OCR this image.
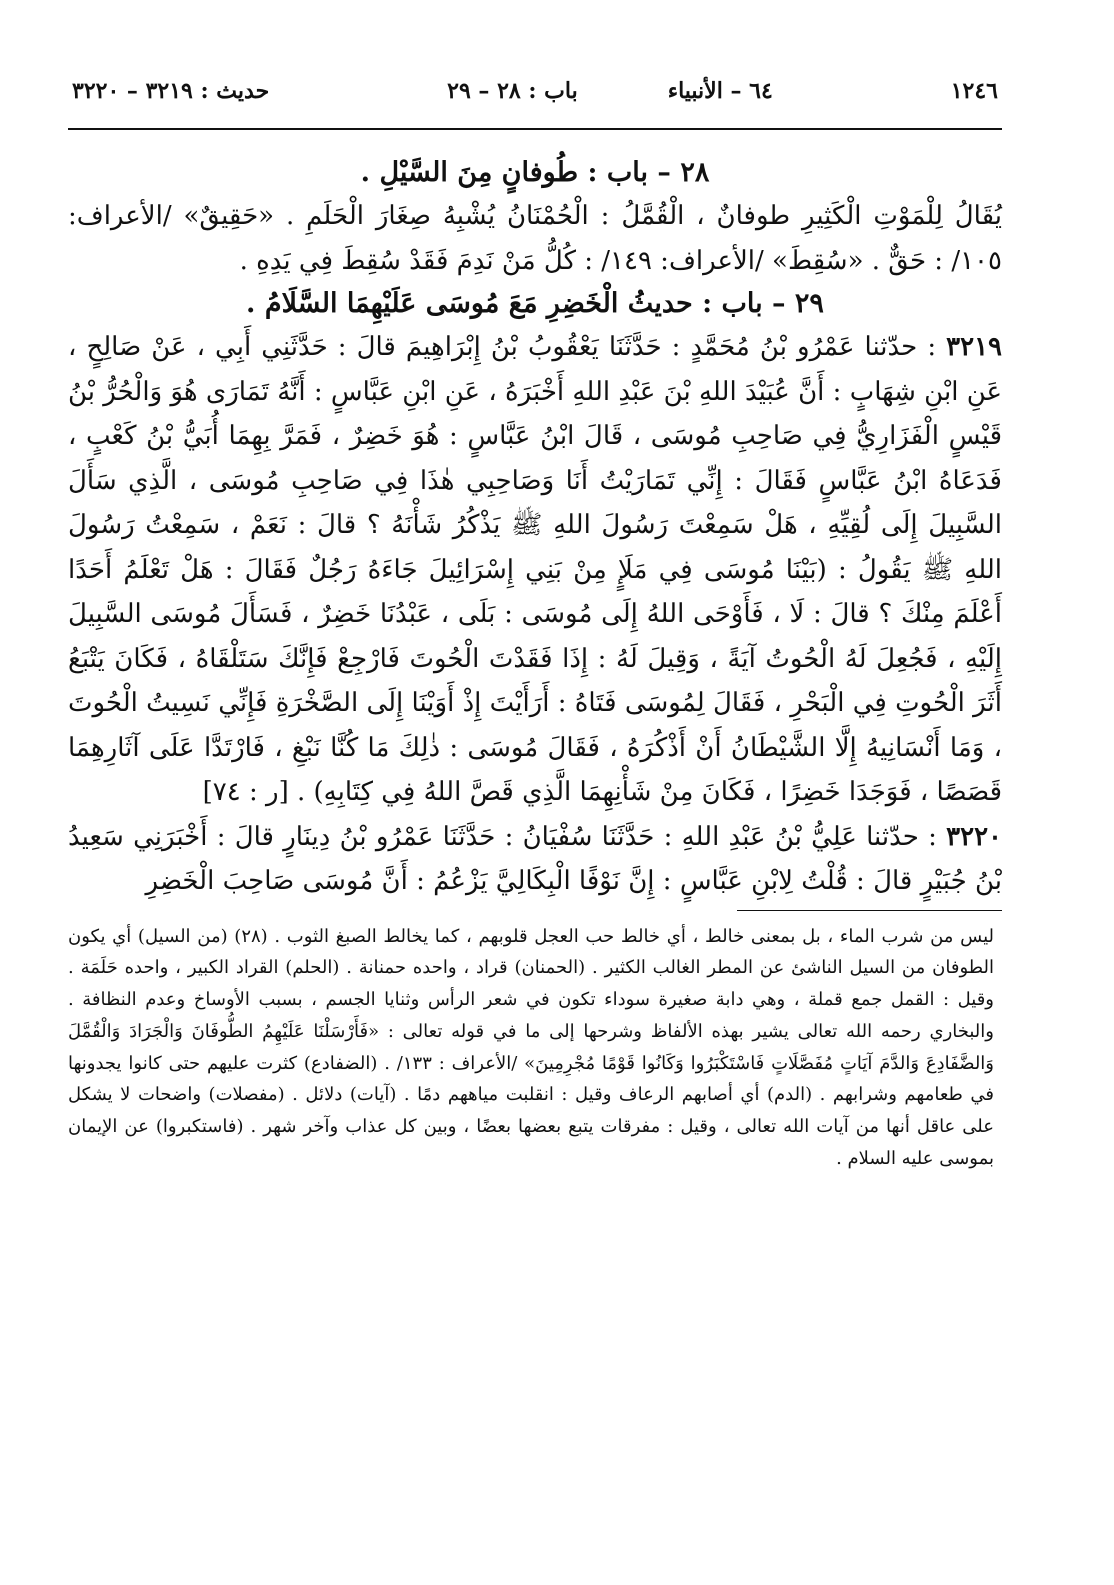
١٢٤٦
٦٤ – الأنبياء
باب : ٢٨ – ٢٩
حديث : ٣٢١٩ – ٣٢٢٠
٢٨ – باب : طُوفانٍ مِنَ السَّيْلِ .

يُقَالُ لِلْمَوْتِ الْكَثِيرِ طوفانٌ ، الْقُمَّلُ : الْحُمْنَانُ يُشْبِهُ صِغَارَ الْحَلَمِ . «حَقِيقٌ» /الأعراف: ١٠٥/ : حَقٌّ . «سُقِطَ» /الأعراف: ١٤٩/ : كُلُّ مَنْ نَدِمَ فَقَدْ سُقِطَ فِي يَدِهِ .

٢٩ – باب : حديثُ الْخَضِرِ مَعَ مُوسَى عَلَيْهِمَا السَّلَامُ .

٣٢١٩ : حدّثنا عَمْرُو بْنُ مُحَمَّدٍ : حَدَّثَنَا يَعْقُوبُ بْنُ إِبْرَاهِيمَ قالَ : حَدَّثَنِي أَبِي ، عَنْ صَالِحٍ ، عَنِ ابْنِ شِهَابٍ : أَنَّ عُبَيْدَ اللهِ بْنَ عَبْدِ اللهِ أَخْبَرَهُ ، عَنِ ابْنِ عَبَّاسٍ : أَنَّهُ تَمَارَى هُوَ وَالْحُرُّ بْنُ قَيْسٍ الْفَزَارِيُّ فِي صَاحِبِ مُوسَى ، قَالَ ابْنُ عَبَّاسٍ : هُوَ خَضِرٌ ، فَمَرَّ بِهِمَا أُبَيُّ بْنُ كَعْبٍ ، فَدَعَاهُ ابْنُ عَبَّاسٍ فَقَالَ : إِنِّي تَمَارَيْتُ أَنَا وَصَاحِبِي هٰذَا فِي صَاحِبِ مُوسَى ، الَّذِي سَأَلَ السَّبِيلَ إِلَى لُقِيِّهِ ، هَلْ سَمِعْتَ رَسُولَ اللهِ ﷺ يَذْكُرُ شَأْنَهُ ؟ قالَ : نَعَمْ ، سَمِعْتُ رَسُولَ اللهِ ﷺ يَقُولُ : (بَيْنَا مُوسَى فِي مَلَإٍ مِنْ بَنِي إِسْرَائِيلَ جَاءَهُ رَجُلٌ فَقَالَ : هَلْ تَعْلَمُ أَحَدًا أَعْلَمَ مِنْكَ ؟ قالَ : لَا ، فَأَوْحَى اللهُ إِلَى مُوسَى : بَلَى ، عَبْدُنَا خَضِرٌ ، فَسَأَلَ مُوسَى السَّبِيلَ إِلَيْهِ ، فَجُعِلَ لَهُ الْحُوتُ آيَةً ، وَقِيلَ لَهُ : إِذَا فَقَدْتَ الْحُوتَ فَارْجِعْ فَإِنَّكَ سَتَلْقَاهُ ، فَكَانَ يَتْبَعُ أَثَرَ الْحُوتِ فِي الْبَحْرِ ، فَقَالَ لِمُوسَى فَتَاهُ : أَرَأَيْتَ إِذْ أَوَيْنَا إِلَى الصَّخْرَةِ فَإِنِّي نَسِيتُ الْحُوتَ ، وَمَا أَنْسَانِيهُ إِلَّا الشَّيْطَانُ أَنْ أَذْكُرَهُ ، فَقَالَ مُوسَى : ذٰلِكَ مَا كُنَّا نَبْغِ ، فَارْتَدَّا عَلَى آثَارِهِمَا قَصَصًا ، فَوَجَدَا خَضِرًا ، فَكَانَ مِنْ شَأْنِهِمَا الَّذِي قَصَّ اللهُ فِي كِتَابِهِ) . [ر : ٧٤]

٣٢٢٠ : حدّثنا عَلِيُّ بْنُ عَبْدِ اللهِ : حَدَّثَنَا سُفْيَانُ : حَدَّثَنَا عَمْرُو بْنُ دِينَارٍ قالَ : أَخْبَرَنِي سَعِيدُ بْنُ جُبَيْرٍ قالَ : قُلْتُ لِابْنِ عَبَّاسٍ : إِنَّ نَوْفًا الْبِكَالِيَّ يَزْعُمُ : أَنَّ مُوسَى صَاحِبَ الْخَضِرِ

ليس من شرب الماء ، بل بمعنى خالط ، أي خالط حب العجل قلوبهم ، كما يخالط الصبغ الثوب . (٢٨) (من السيل) أي يكون الطوفان من السيل الناشئ عن المطر الغالب الكثير . (الحمنان) قراد ، واحده حمنانة . (الحلم) القراد الكبير ، واحده حَلَمَة . وقيل : القمل جمع قملة ، وهي دابة صغيرة سوداء تكون في شعر الرأس وثنايا الجسم ، بسبب الأوساخ وعدم النظافة . والبخاري رحمه الله تعالى يشير بهذه الألفاظ وشرحها إلى ما في قوله تعالى : «فَأَرْسَلْنَا عَلَيْهِمُ الطُّوفَانَ وَالْجَرَادَ وَالْقُمَّلَ وَالضَّفَادِعَ وَالدَّمَ آيَاتٍ مُفَصَّلَاتٍ فَاسْتَكْبَرُوا وَكَانُوا قَوْمًا مُجْرِمِينَ» /الأعراف : ١٣٣/ . (الضفادع) كثرت عليهم حتى كانوا يجدونها في طعامهم وشرابهم . (الدم) أي أصابهم الرعاف وقيل : انقلبت مياههم دمًا . (آيات) دلائل . (مفصلات) واضحات لا يشكل على عاقل أنها من آيات الله تعالى ، وقيل : مفرقات يتبع بعضها بعضًا ، وبين كل عذاب وآخر شهر . (فاستكبروا) عن الإيمان بموسى عليه السلام .
